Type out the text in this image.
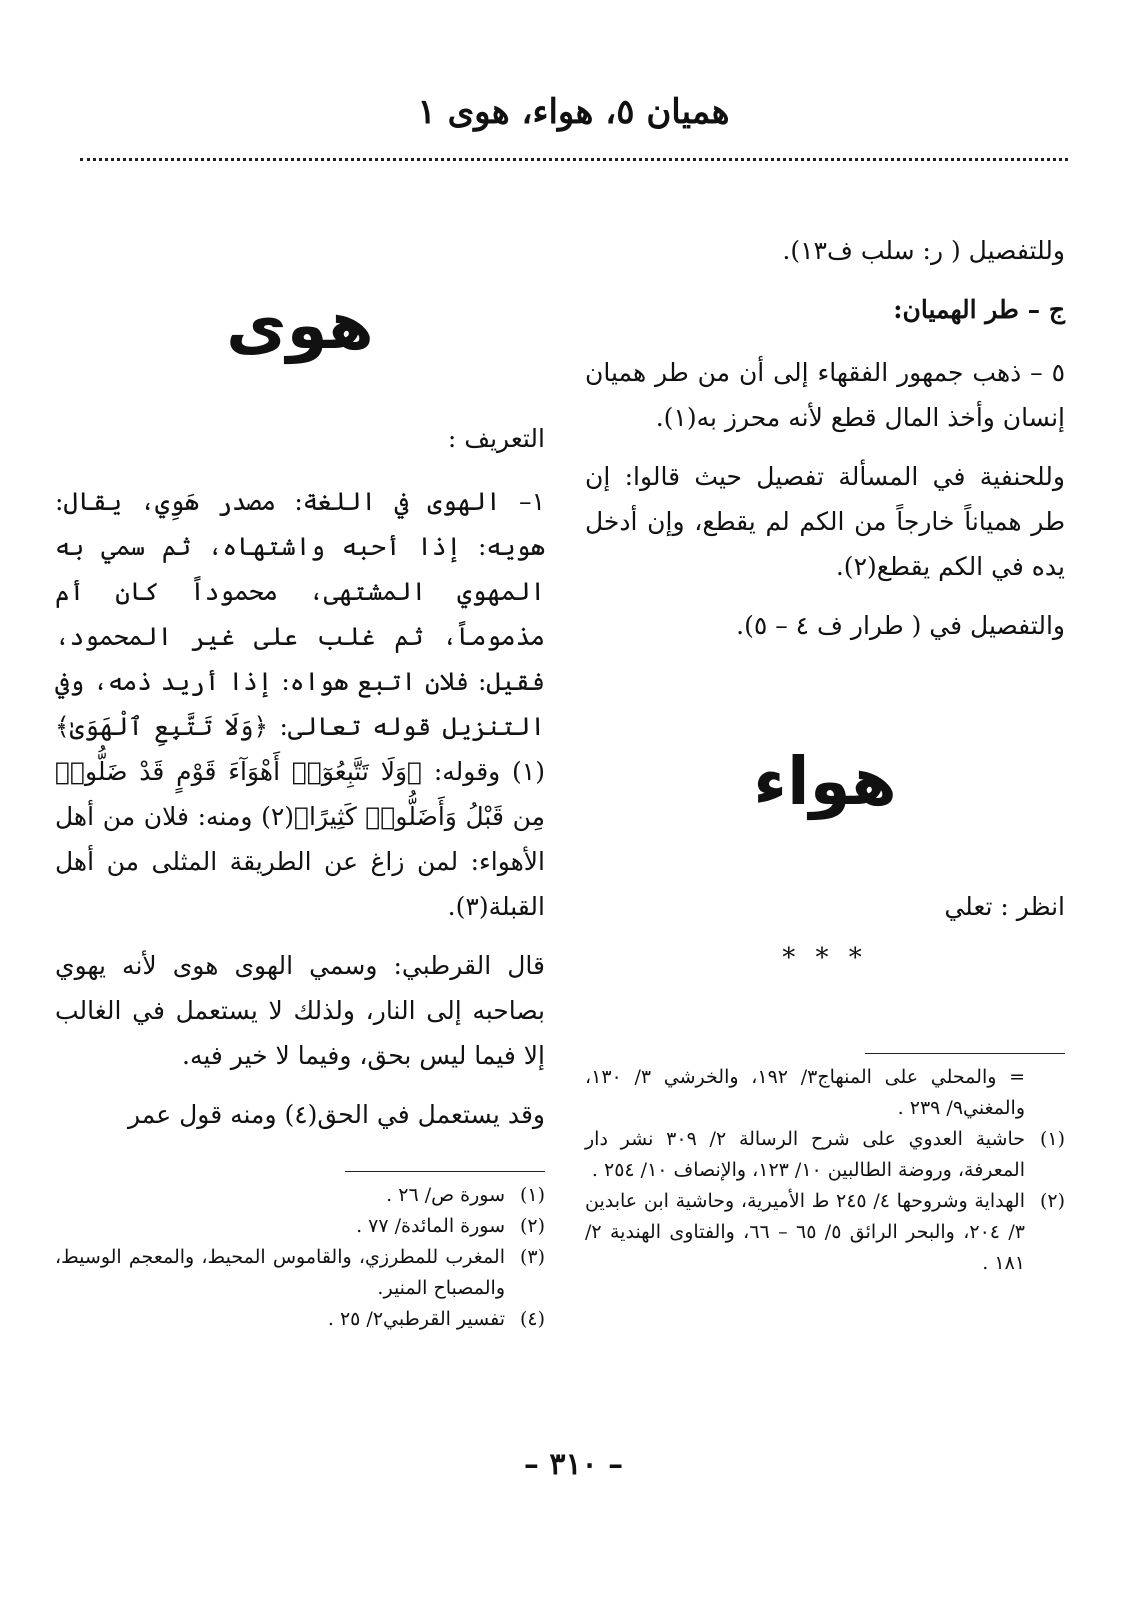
هميان ٥، هواء، هوى ١

وللتفصيل ( ر: سلب ف١٣).

ج – طر الهميان:

٥ – ذهب جمهور الفقهاء إلى أن من طر هميان إنسان وأخذ المال قطع لأنه محرز به(١).

وللحنفية في المسألة تفصيل حيث قالوا: إن طر همياناً خارجاً من الكم لم يقطع، وإن أدخل يده في الكم يقطع(٢).

والتفصيل في ( طرار ف ٤ – ٥).

هواء

انظر : تعلي

* * *
= والمحلي على المنهاج٣/ ١٩٢، والخرشي ٣/ ١٣٠، والمغني٩/ ٢٣٩ .
(١)
حاشية العدوي على شرح الرسالة ٢/ ٣٠٩ نشر دار المعرفة، وروضة الطالبين ١٠/ ١٢٣، والإنصاف ١٠/ ٢٥٤ .
(٢)
الهداية وشروحها ٤/ ٢٤٥ ط الأميرية، وحاشية ابن عابدين ٣/ ٢٠٤، والبحر الرائق ٥/ ٦٥ – ٦٦، والفتاوى الهندية ٢/ ١٨١ .
هوى

التعريف :

١– الهوى في اللغة: مصدر هَوِي، يقال: هويه: إذا أحبه واشتهاه، ثم سمي به المهوي المشتهى، محموداً كان أم مذموماً، ثم غلب على غير المحمود، فقيل: فلان اتبع هواه: إذا أريد ذمه، وفي التنزيل قوله تعالى: ﴿وَلَا تَتَّبِعِ ٱلْهَوَىٰ﴾(١) وقوله: ﴿وَلَا تَتَّبِعُوٓا۟ أَهْوَآءَ قَوْمٍ قَدْ ضَلُّوا۟ مِن قَبْلُ وَأَضَلُّوا۟ كَثِيرًا﴾(٢) ومنه: فلان من أهل الأهواء: لمن زاغ عن الطريقة المثلى من أهل القبلة(٣).

قال القرطبي: وسمي الهوى هوى لأنه يهوي بصاحبه إلى النار، ولذلك لا يستعمل في الغالب إلا فيما ليس بحق، وفيما لا خير فيه.

وقد يستعمل في الحق(٤) ومنه قول عمر

(١)
سورة ص/ ٢٦ .
(٢)
سورة المائدة/ ٧٧ .
(٣)
المغرب للمطرزي، والقاموس المحيط، والمعجم الوسيط، والمصباح المنير.
(٤)
تفسير القرطبي٢/ ٢٥ .
– ٣١٠ –
